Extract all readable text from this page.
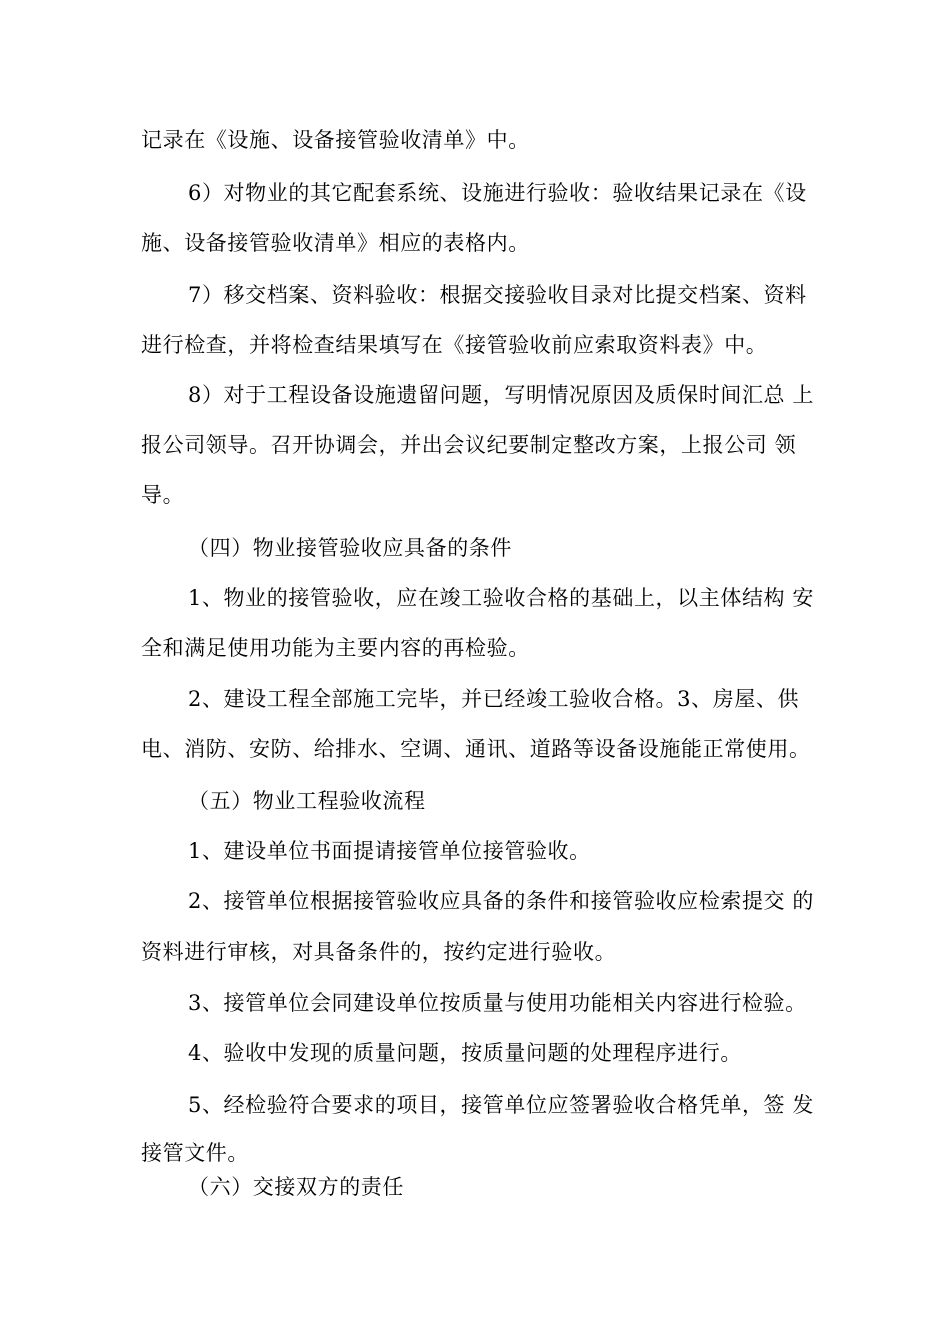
记录在《设施、设备接管验收清单》中。
6）对物业的其它配套系统、设施进行验收：验收结果记录在《设
施、设备接管验收清单》相应的表格内。
7）移交档案、资料验收：根据交接验收目录对比提交档案、资料
进行检查，并将检查结果填写在《接管验收前应索取资料表》中。
8）对于工程设备设施遗留问题，写明情况原因及质保时间汇总 上
报公司领导。召开协调会，并出会议纪要制定整改方案，上报公司 领
导。
（四）物业接管验收应具备的条件
1、物业的接管验收，应在竣工验收合格的基础上，以主体结构 安
全和满足使用功能为主要内容的再检验。
2、建设工程全部施工完毕，并已经竣工验收合格。3、房屋、供
电、消防、安防、给排水、空调、通讯、道路等设备设施能正常使用。
（五）物业工程验收流程
1、建设单位书面提请接管单位接管验收。
2、接管单位根据接管验收应具备的条件和接管验收应检索提交 的
资料进行审核，对具备条件的，按约定进行验收。
3、接管单位会同建设单位按质量与使用功能相关内容进行检验。
4、验收中发现的质量问题，按质量问题的处理程序进行。
5、经检验符合要求的项目，接管单位应签署验收合格凭单，签 发
接管文件。
（六）交接双方的责任
